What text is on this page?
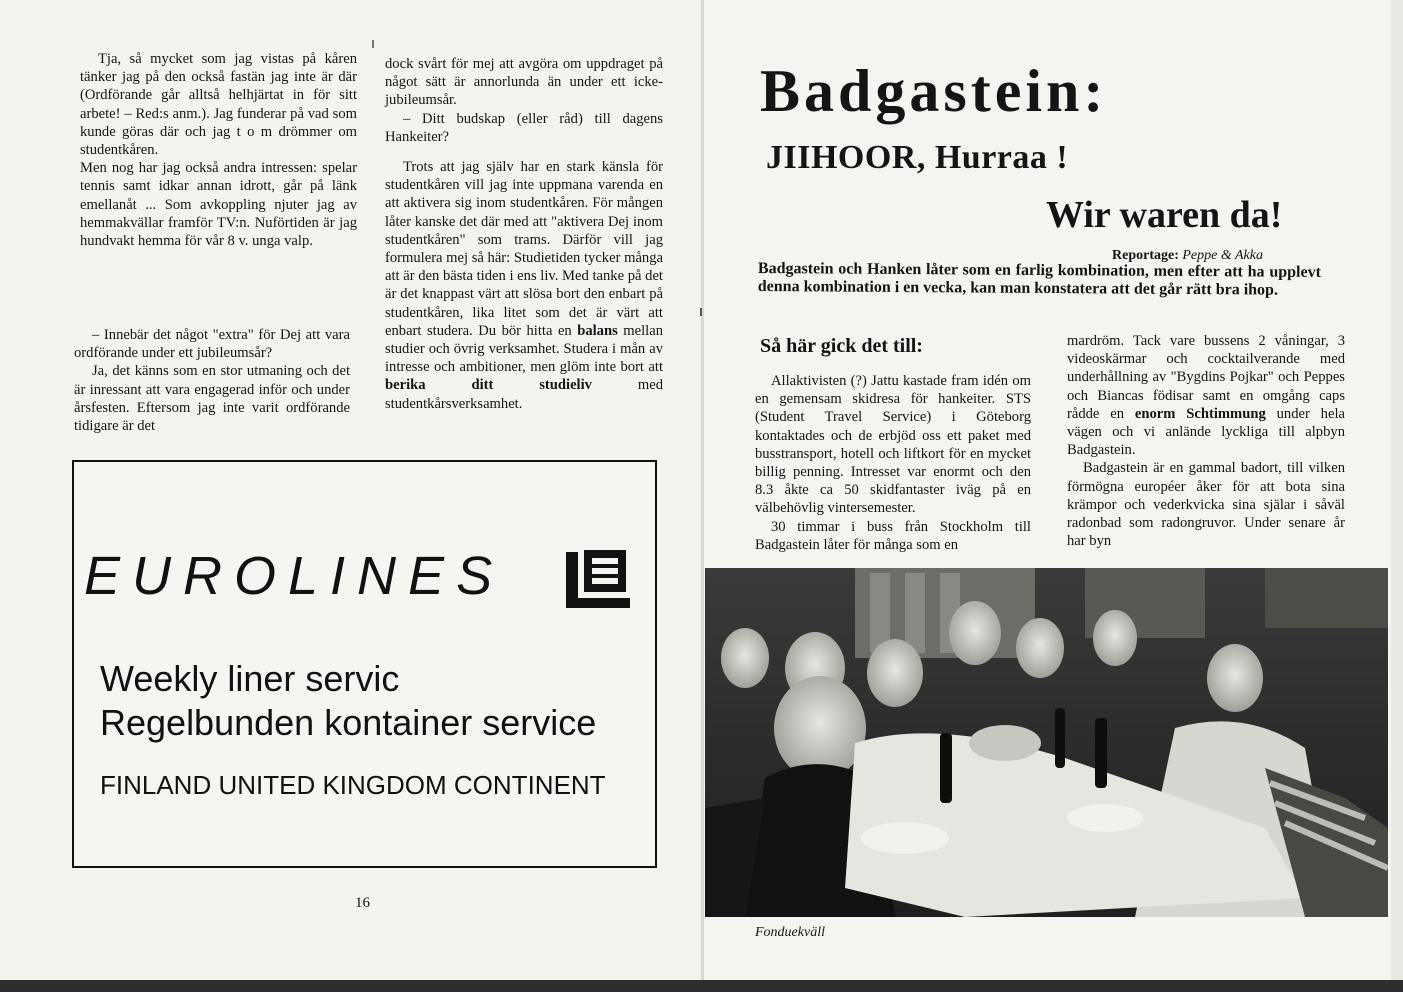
Tja, så mycket som jag vistas på kåren tänker jag på den också fastän jag inte är där (Ordförande går alltså helhjärtat in för sitt arbete! – Red:s anm.). Jag funderar på vad som kunde göras där och jag t o m drömmer om studentkåren.

Men nog har jag också andra intressen: spelar tennis samt idkar annan idrott, går på länk emellanåt ... Som avkoppling njuter jag av hemmakvällar framför TV:n. Nuförtiden är jag hundvakt hemma för vår 8 v. unga valp.

– Innebär det något "extra" för Dej att vara ordförande under ett jubileumsår?

Ja, det känns som en stor utmaning och det är inressant att vara engagerad inför och under årsfesten. Eftersom jag inte varit ordförande tidigare är det

dock svårt för mej att avgöra om uppdraget på något sätt är annorlunda än under ett icke-jubileumsår.

– Ditt budskap (eller råd) till dagens Hankeiter?

Trots att jag själv har en stark känsla för studentkåren vill jag inte uppmana varenda en att aktivera sig inom studentkåren. För mången låter kanske det där med att "aktivera Dej inom studentkåren" som trams. Därför vill jag formulera mej så här: Studietiden tycker många att är den bästa tiden i ens liv. Med tanke på det är det knappast värt att slösa bort den enbart på studentkåren, lika litet som det är värt att enbart studera. Du bör hitta en balans mellan studier och övrig verksamhet. Studera i mån av intresse och ambitioner, men glöm inte bort att berika ditt studieliv med studentkårsverksamhet.

EUROLINES
Weekly liner servic
Regelbunden kontainer service
FINLAND UNITED KINGDOM CONTINENT
16
Badgastein:
JIIHOOR, Hurraa !
Wir waren da!
Reportage: Peppe & Akka

Badgastein och Hanken låter som en farlig kombination, men efter att ha upplevt denna kombination i en vecka, kan man konstatera att det går rätt bra ihop.

Så här gick det till:

Allaktivisten (?) Jattu kastade fram idén om en gemensam skidresa för hankeiter. STS (Student Travel Service) i Göteborg kontaktades och de erbjöd oss ett paket med busstransport, hotell och liftkort för en mycket billig penning. Intresset var enormt och den 8.3 åkte ca 50 skidfantaster iväg på en välbehövlig vintersemester.

30 timmar i buss från Stockholm till Badgastein låter för många som en

mardröm. Tack vare bussens 2 våningar, 3 videoskärmar och cocktailverande med underhållning av "Bygdins Pojkar" och Peppes och Biancas födisar samt en omgång caps rådde en enorm Schtimmung under hela vägen och vi anlände lyckliga till alpbyn Badgastein.

Badgastein är en gammal badort, till vilken förmögna européer åker för att bota sina krämpor och vederkvicka sina själar i såväl radonbad som radongruvor. Under senare år har byn

Fonduekväll
